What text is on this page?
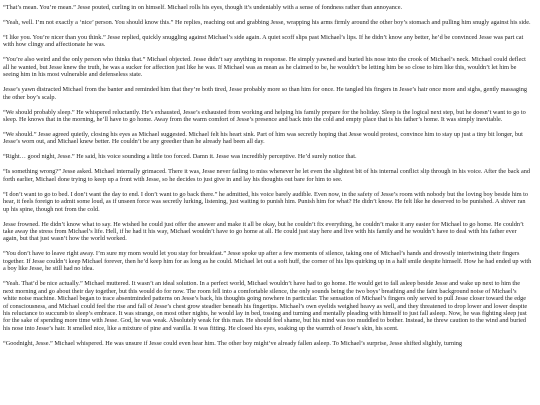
“That’s mean. You’re mean.” Jesse pouted, curling in on himself. Michael rolls his eyes, though it’s undeniably with a sense of fondness rather than annoyance.

“Yeah, well. I’m not exactly a ‘nice’ person. You should know this.” He replies, reaching out and grabbing Jesse, wrapping his arms firmly around the other boy’s stomach and pulling him snugly against his side.

“I like you. You’re nicer than you think.” Jesse replied, quickly snuggling against Michael’s side again. A quiet scoff slips past Michael’s lips. If he didn’t know any better, he’d be convinced Jesse was part cat with how clingy and affectionate he was.

“You’re also weird and the only person who thinks that.” Michael objected. Jesse didn’t say anything in response. He simply yawned and buried his nose into the crook of Michael’s neck. Michael could deflect all he wanted, but Jesse knew the truth, he was a sucker for affection just like he was. If Michael was as mean as he claimed to be, he wouldn’t be letting him be so close to him like this, wouldn’t let him be seeing him in his most vulnerable and defenseless state.

Jesse’s yawn distracted Michael from the banter and reminded him that they’re both tired, Jesse probably more so than him for once. He tangled his fingers in Jesse’s hair once more and sighs, gently massaging the other boy’s scalp.

“We should probably sleep.” He whispered reluctantly. He’s exhausted, Jesse’s exhausted from working and helping his family prepare for the holiday. Sleep is the logical next step, but he doesn’t want to go to sleep. He knows that in the morning, he’ll have to go home. Away from the warm comfort of Jesse’s presence and back into the cold and empty place that is his father’s home. It was simply inevitable.

“We should.” Jesse agreed quietly, closing his eyes as Michael suggested. Michael felt his heart sink. Part of him was secretly hoping that Jesse would protest, convince him to stay up just a tiny bit longer, but Jesse’s worn out, and Michael knew better. He couldn’t be any greedier than he already had been all day.

“Right… good night, Jesse.” He said, his voice sounding a little too forced. Damn it. Jesse was incredibly perceptive. He’d surely notice that.

“Is something wrong?” Jesse asked. Michael internally grimaced. There it was, Jesse never failing to miss whenever he let even the slightest bit of his internal conflict slip through in his voice. After the back and forth earlier, Michael done trying to keep up a front with Jesse, so he decides to just give in and lay his thoughts out bare for him to see.

“I don’t want to go to bed. I don’t want the day to end. I don’t want to go back there.” he admitted, his voice barely audible. Even now, in the safety of Jesse’s room with nobody but the loving boy beside him to hear, it feels foreign to admit some loud, as if unseen force was secretly lurking, listening, just waiting to punish him. Punish him for what? He didn’t know. He felt like he deserved to be punished. A shiver ran up his spine, though not from the cold.

Jesse frowned. He didn’t know what to say. He wished he could just offer the answer and make it all be okay, but he couldn’t fix everything, he couldn’t make it any easier for Michael to go home. He couldn’t take away the stress from Michael’s life. Hell, if he had it his way, Michael wouldn’t have to go home at all. He could just stay here and live with his family and he wouldn’t have to deal with his father ever again, but that just wasn’t how the world worked.

“You don’t have to leave right away. I’m sure my mom would let you stay for breakfast.” Jesse spoke up after a few moments of silence, taking one of Michael’s hands and drowsily intertwining their fingers together. If Jesse couldn’t keep Michael forever, then he’d keep him for as long as he could. Michael let out a soft huff, the corner of his lips quirking up in a half smile despite himself. How he had ended up with a boy like Jesse, he still had no idea.

“Yeah. That’d be nice actually.” Michael muttered. It wasn’t an ideal solution. In a perfect world, Michael wouldn’t have had to go home. He would get to fall asleep beside Jesse and wake up next to him the next morning and go about their day together, but this would do for now. The room fell into a comfortable silence, the only sounds being the two boys’ breathing and the faint background noise of Michael’s white noise machine. Michael began to trace absentminded patterns on Jesse’s back, his thoughts going nowhere in particular. The sensation of Michael’s fingers only served to pull Jesse closer toward the edge of consciousness, and Michael could feel the rise and fall of Jesse’s chest grow steadier beneath his fingertips. Michael’s own eyelids weighed heavy as well, and they threatened to drop lower and lower despite his reluctance to succumb to sleep’s embrace. It was strange, on most other nights, he would lay in bed, tossing and turning and mentally pleading with himself to just fall asleep. Now, he was fighting sleep just for the sake of spending more time with Jesse. God, he was weak. Absolutely weak for this man. He should feel shame, but his mind was too muddled to bother. Instead, he threw caution to the wind and buried his nose into Jesse’s hair. It smelled nice, like a mixture of pine and vanilla. It was fitting. He closed his eyes, soaking up the warmth of Jesse’s skin, his scent.

“Goodnight, Jesse.” Michael whispered. He was unsure if Jesse could even hear him. The other boy might’ve already fallen asleep. To Michael’s surprise, Jesse shifted slightly, turning
